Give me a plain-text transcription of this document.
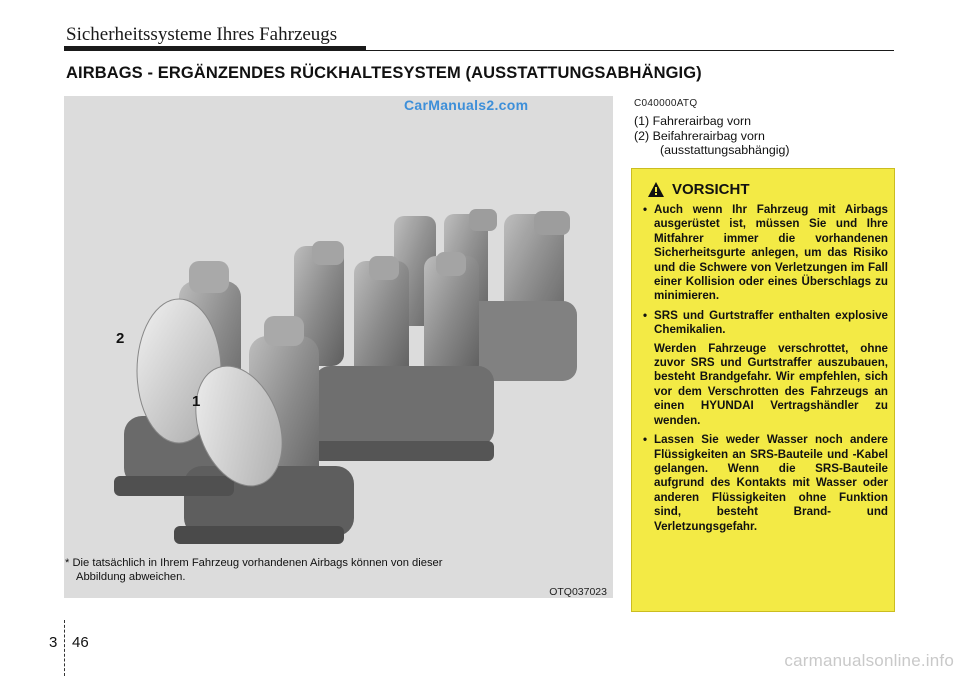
Sicherheitssysteme Ihres Fahrzeugs
AIRBAGS - ERGÄNZENDES RÜCKHALTESYSTEM (AUSSTATTUNGSABHÄNGIG)
CarManuals2.com
2
1
* Die tatsächlich in Ihrem Fahrzeug vorhandenen Airbags können von dieser
Abbildung abweichen.
OTQ037023
C040000ATQ
(1) Fahrerairbag vorn
(2) Beifahrerairbag vorn
(ausstattungsabhängig)
VORSICHT
• Auch wenn Ihr Fahrzeug mit Airbags ausgerüstet ist, müssen Sie und Ihre Mitfahrer immer die vorhandenen Sicherheitsgurte anlegen, um das Risiko und die Schwere von Verletzungen im Fall einer Kollision oder eines Überschlags zu minimieren.
• SRS und Gurtstraffer enthalten explosive Chemikalien.

Werden Fahrzeuge verschrottet, ohne zuvor SRS und Gurtstraffer auszubauen, besteht Brandgefahr. Wir empfehlen, sich vor dem Verschrotten des Fahrzeugs an einen HYUNDAI Vertragshändler zu wenden.

• Lassen Sie weder Wasser noch andere Flüssigkeiten an SRS-Bauteile und -Kabel gelangen. Wenn die SRS-Bauteile aufgrund des Kontakts mit Wasser oder anderen Flüssigkeiten ohne Funktion sind, besteht Brand- und Verletzungsgefahr.
3 46
carmanualsonline.info
